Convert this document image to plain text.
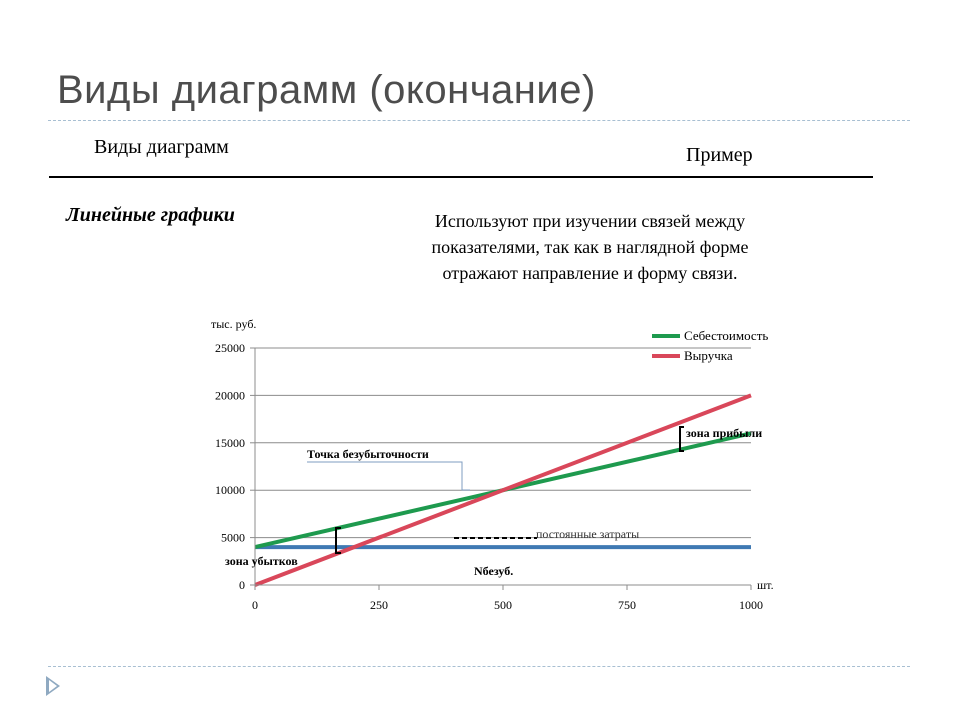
Виды диаграмм (окончание)
Виды диаграмм	Пример
Линейные графики	Используют при изучении связей между
показателями, так как в наглядной форме
отражают направление и форму связи.
0
5000
10000
15000
20000
25000
0	250	500	750	1000
тыс. руб.
шт.
Себестоимость
Выручка
Точка безубыточности
зона прибыли
зона убытков
Nбезуб.
постоянные затраты
